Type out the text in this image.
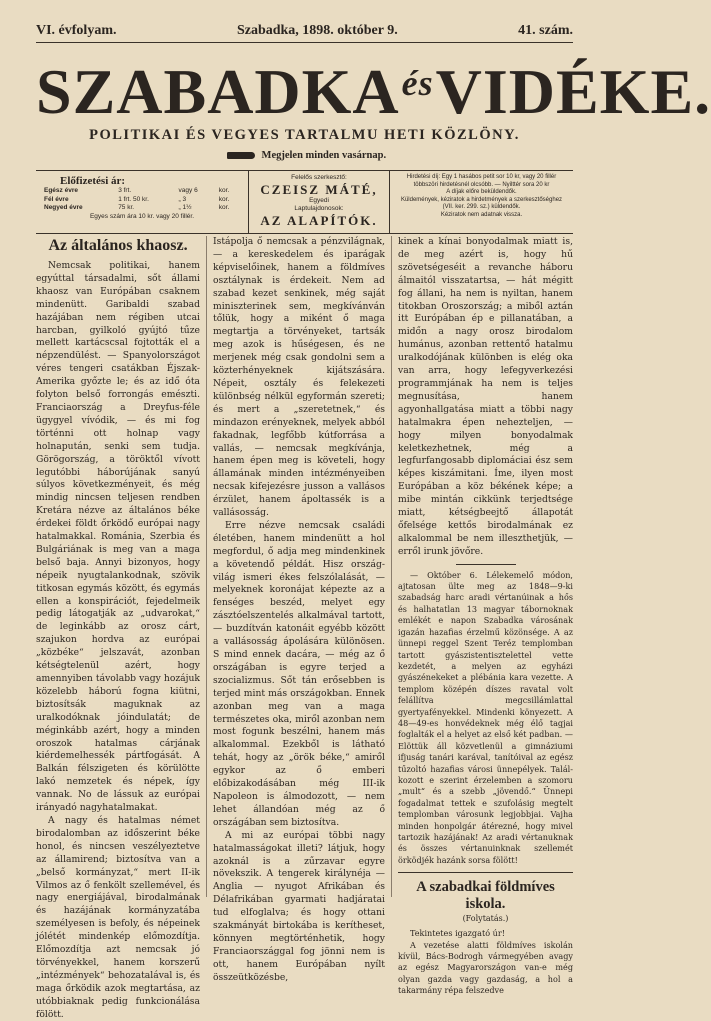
VI. évfolyam.	Szabadka, 1898. október 9.	41. szám.
$SZABADKA^{és}VIDÉKE$.
POLITIKAI ÉS VEGYES TARTALMU HETI KÖZLÖNY.
Megjelen minden vasárnap.
Előfizetési ár:
Egész évre	3 frt.	vagy 6	kor.
Fél évre	1 frt. 50 kr.	„ 3	kor.
Negyed évre	75 kr.	„ 1½	kor.
Egyes szám ára 10 kr. vagy 20 fillér.
Felelős szerkesztő:
CZEISZ MÁTÉ,
Egyedi
Laptulajdonosok:
AZ ALAPÍTÓK.
Hirdetési díj: Egy 1 hasábos petit sor 10 kr, vagy 20 fillér többszöri hirdetésnél olcsóbb. — Nyilttér sora 20 kr
A díjak előre beküldendők.
Küldemények, kéziratok a hirdetmények a szerkesztőséghez (VII. ker. 299. sz.) küldendők.
Kéziratok nem adatnak vissza.
Az általános khaosz.

Nemcsak politikai, hanem egyúttal társadalmi, sőt állami khaosz van Európában csaknem mindenütt. Garibaldi szabad hazájában nem régiben utcai harcban, gyilkoló gyújtó tűze mellett kartácscsal fojtották el a népzendülést. — Spanyolországot véres tengeri csatákban Éjszak-Amerika győzte le; és az idő óta folyton belső forrongás emészti. Franciaország a Dreyfus-féle ügygyel vívódik, — és mi fog történni ott holnap vagy holnapután, senki sem tudja. Görögország, a töröktől vívott legutóbbi háborújának sanyú súlyos következményeit, és még mindig nincsen teljesen rendben Kretára nézve az általános béke érdekei földt őrködő európai nagy hatalmakkal. Románia, Szerbia és Bulgáriának is meg van a maga belső baja. Annyi bizonyos, hogy népeik nyugtalankodnak, szövik titkosan egymás között, és egymás ellen a konspirációt, fejedelmeik pedig látogatják az „udvarokat,“ de leginkább az orosz cárt, szajukon hordva az európai „közbéke“ jelszavát, azonban kétségtelenül azért, hogy amennyiben távolabb vagy hozájuk közelebb háború fogna kiütni, biztosítsák maguknak az uralkodóknak jóindulatát; de méginkább azért, hogy a minden oroszok hatalmas cárjának kiérdemelhessék pártfogását. A Balkán félszigeten és körülötte lakó nemzetek és népek, így vannak. No de lássuk az európai irányadó nagyhatalmakat.

A nagy és hatalmas német birodalomban az időszerint béke honol, és nincsen veszélyeztetve az államirend; biztosítva van a „belső kormányzat,“ mert II-ik Vilmos az ő fenkölt szellemével, és nagy energiájával, birodalmának és hazájának kormányzatába személyesen is befoly, és népeinek jólétét mindenkép előmozdítja. Előmozdítja azt nemcsak jó törvényekkel, hanem korszerű „intézmények“ behozatalával is, és maga őrködik azok megtartása, az utóbbiaknak pedig funkcionálása fölött.

Istápolja ő nemcsak a pénzvilágnak, — a kereskedelem és iparágak képviselőinek, hanem a földmíves osztálynak is érdekeit. Nem ad szabad kezet senkinek, még saját miniszterinek sem, megkívánván tőlük, hogy a miként ő maga megtartja a törvényeket, tartsák meg azok is hűségesen, és ne merjenek még csak gondolni sem a közterhényeknek kijátszására. Népeit, osztály és felekezeti különbség nélkül egyformán szereti; és mert a „szeretetnek,“ és mindazon erényeknek, melyek abból fakadnak, legfőbb kútforrása a vallás, — nemcsak megkívánja, hanem épen meg is követeli, hogy államának minden intézményeiben necsak kifejezésre jusson a vallásos érzület, hanem ápoltassék is a vallásosság.

Erre nézve nemcsak családi életében, hanem mindenütt a hol megfordul, ő adja meg mindenkinek a követendő példát. Hisz ország-világ ismeri ékes felszólalását, — melyeknek koronájat képezte az a fenséges beszéd, melyet egy zásztóelszentelés alkalmával tartott, — buzdítván katonáit egyébb között a vallásosság ápolására különösen. S mind ennek dacára, — még az ő országában is egyre terjed a szocializmus. Sőt tán erősebben is terjed mint más országokban. Ennek azonban meg van a maga természetes oka, miről azonban nem most fogunk beszélni, hanem más alkalommal. Ezekből is látható tehát, hogy az „örök béke,“ amiről egykor az ő emberi előbizakodásában még III-ik Napoleon is álmodozott, — nem lehet állandóan még az ő országában sem biztosítva.

A mi az európai többi nagy hatalmasságokat illeti? látjuk, hogy azoknál is a zűrzavar egyre növekszik. A tengerek királynéja — Anglia — nyugot Afrikában és Délafrikában gyarmati hadjáratai tud elfoglalva; és hogy ottani szakmányát birtokába is kerítheset, könnyen megtörténhetik, hogy Franciaországgal fog jönni nem is ott, hanem Európában nyílt összeütközésbe,

kinek a kínai bonyodalmak miatt is, de meg azért is, hogy hű szövetségeséit a revanche háboru álmaitól visszatartsa, — hát mégitt fog állani, ha nem is nyiltan, hanem titokban Oroszország; a miből aztán itt Európában ép e pillanatában, a midőn a nagy orosz birodalom humánus, azonban rettentő hatalmu uralkodójának különben is elég oka van arra, hogy lefegyverkezési programmjának ha nem is teljes megnusítása, hanem agyonhallgatása miatt a többi nagy hatalmakra épen nehezteljen, — hogy milyen bonyodalmak keletkezhetnek, még a legfurfangosabb diplomáciai ész sem képes kiszámitani. Íme, ilyen most Európában a köz békének képe; a mibe mintán cikkünk terjedtsége miatt, kétségbeejtő állapotát őfelsége kettős birodalmának ez alkalommal be nem illeszthetjük, — erről irunk jövőre.

— Október 6. Lélekemelő módon, ajtatosan ülte meg az 1848—9-ki szabadság harc aradi vértanúinak a hős és halhatatlan 13 magyar tábornoknak emlékét e napon Szabadka városának igazán hazafias érzelmű közönsége. A az ünnepi reggel Szent Teréz templomban tartott gyászistentisztelettel vette kezdetét, a melyen az egyházi gyászénekeket a plébánia kara vezette. A templom középén díszes ravatal volt felállítva megcsillámlattal gyertyafényekkel. Mindenki könyezett. A 48—49-es honvédeknek még élő tagjai foglalták el a helyet az első két padban. — Elöttük áll közvetlenül a gimnáziumi ifjuság tanári karával, tanítóival az egész tűzoltó hazafias városi ünnepélyek. Talál-kozott e szerint érzelemben a szomoru „mult“ és a szebb „jövendő.“ Ünnepi fogadalmat tettek e szufolásig megtelt templomban városunk legjobbjai. Vajha minden honpolgár átérezné, hogy mivel tartozik hazájának! Az aradi vértanuknak és összes vértanuinknak szellemét örködjék hazánk sorsa fölött!

A szabadkai földmíves iskola.
(Folytatás.)

Tekintetes igazgató úr!

A vezetése alatti földmíves iskolán kívül, Bács-Bodrogh vármegyében avagy az egész Magyarországon van-e még olyan gazda vagy gazdaság, a hol a takarmány répa felszedve
